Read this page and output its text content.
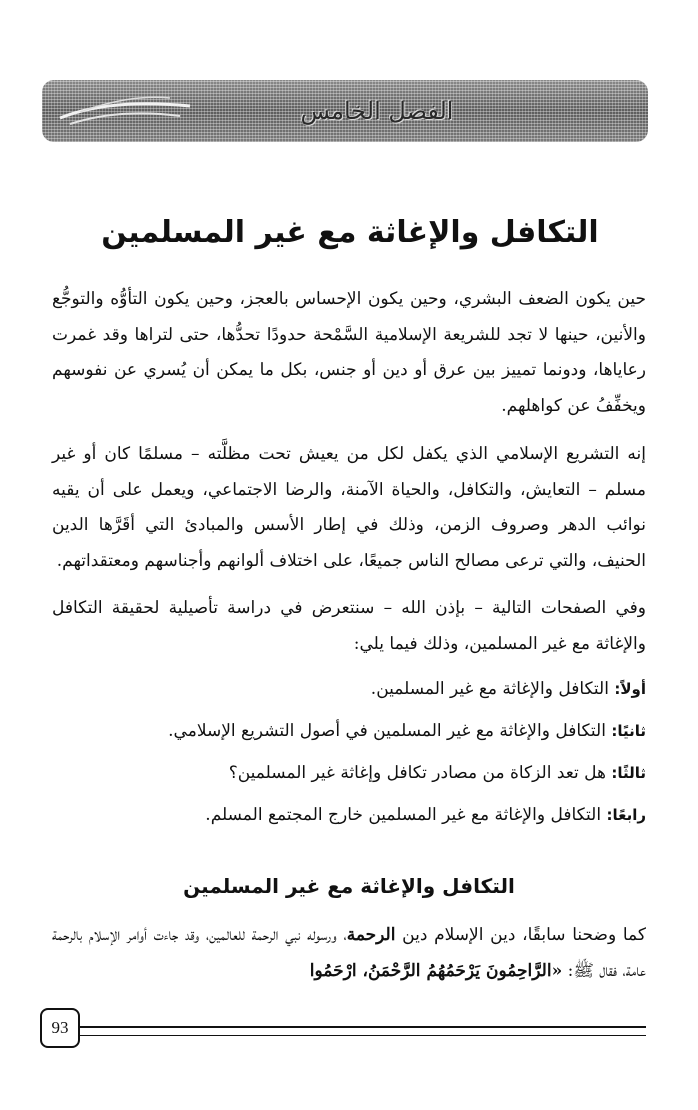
الفصل الخامس
التكافل والإغاثة مع غير المسلمين
حين يكون الضعف البشري، وحين يكون الإحساس بالعجز، وحين يكون التأوُّه والتوجُّع والأنين، حينها لا تجد للشريعة الإسلامية السَّمْحة حدودًا تحدُّها، حتى لتراها وقد غمرت رعاياها، ودونما تمييز بين عرق أو دين أو جنس، بكل ما يمكن أن يُسري عن نفوسهم ويخفِّفُ عن كواهلهم.
إنه التشريع الإسلامي الذي يكفل لكل من يعيش تحت مظلَّته – مسلمًا كان أو غير مسلم – التعايش، والتكافل، والحياة الآمنة، والرضا الاجتماعي، ويعمل على أن يقيه نوائب الدهر وصروف الزمن، وذلك في إطار الأسس والمبادئ التي أقَرَّها الدين الحنيف، والتي ترعى مصالح الناس جميعًا، على اختلاف ألوانهم وأجناسهم ومعتقداتهم.
وفي الصفحات التالية – بإذن الله – سنتعرض في دراسة تأصيلية لحقيقة التكافل والإغاثة مع غير المسلمين، وذلك فيما يلي:
أولاً: التكافل والإغاثة مع غير المسلمين.
ثانيًا: التكافل والإغاثة مع غير المسلمين في أصول التشريع الإسلامي.
ثالثًا: هل تعد الزكاة من مصادر تكافل وإغاثة غير المسلمين؟
رابعًا: التكافل والإغاثة مع غير المسلمين خارج المجتمع المسلم.
التكافل والإغاثة مع غير المسلمين
كما وضحنا سابقًا، دين الإسلام دين الرحمة، ورسوله نبي الرحمة للعالمين، وقد جاءت أوامر الإسلام بالرحمة عامة، فقال ﷺ: «الرَّاحِمُونَ يَرْحَمُهُمُ الرَّحْمَنُ، ارْحَمُوا
93
